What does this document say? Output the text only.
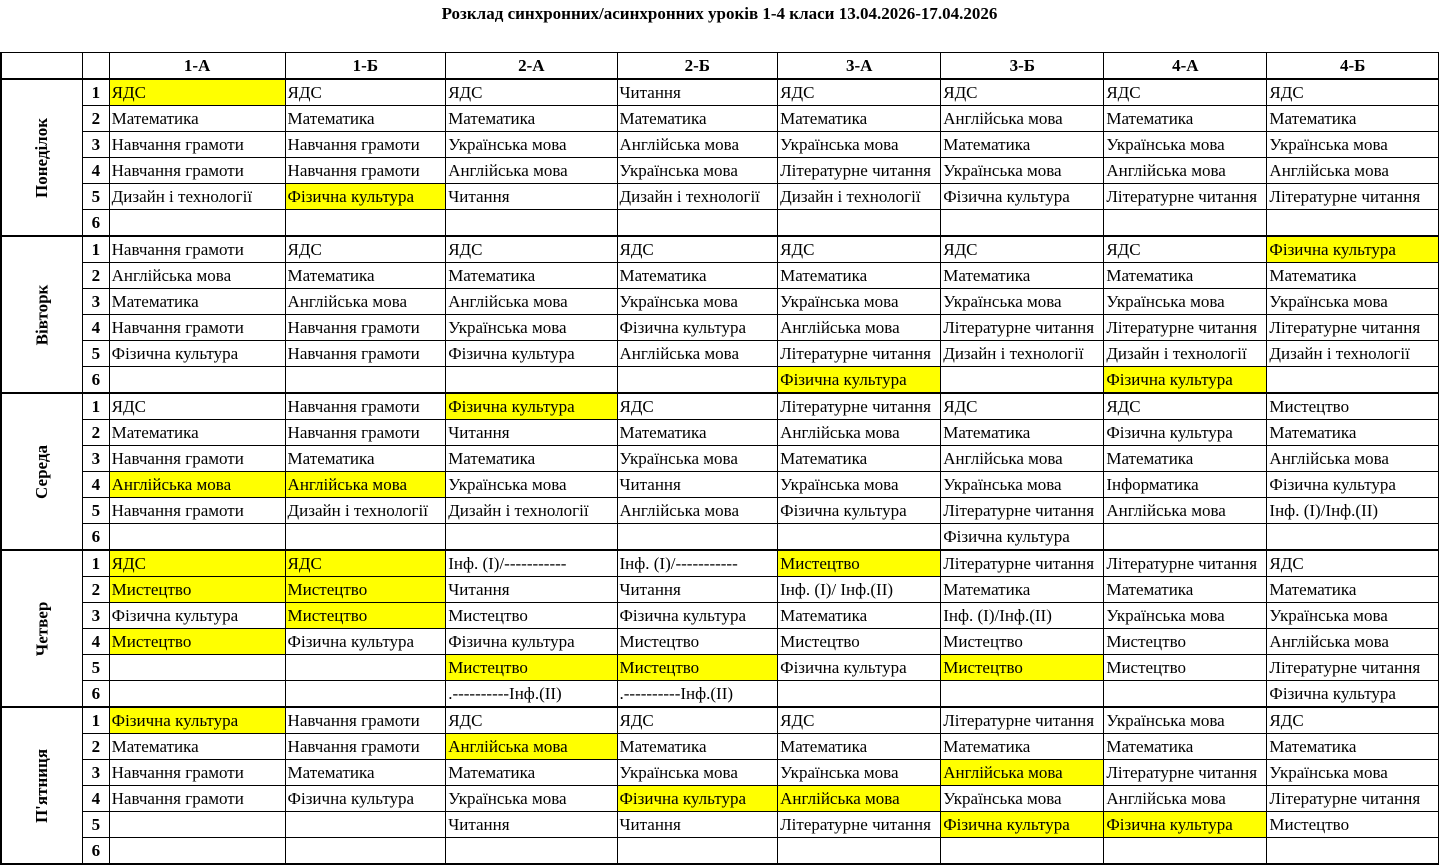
Розклад синхронних/асинхронних уроків 1-4 класи 13.04.2026-17.04.2026
		1-А	1-Б	2-А	2-Б	3-А	3-Б	4-А	4-Б
Понеділок	1	ЯДС	ЯДС	ЯДС	Читання	ЯДС	ЯДС	ЯДС	ЯДС
	2	Математика	Математика	Математика	Математика	Математика	Англійська мова	Математика	Математика
	3	Навчання грамоти	Навчання грамоти	Українська мова	Англійська мова	Українська мова	Математика	Українська мова	Українська мова
	4	Навчання грамоти	Навчання грамоти	Англійська мова	Українська мова	Літературне читання	Українська мова	Англійська мова	Англійська мова
	5	Дизайн і технології	Фізична культура	Читання	Дизайн і технології	Дизайн і технології	Фізична культура	Літературне читання	Літературне читання
	6								
Вівторк	1	Навчання грамоти	ЯДС	ЯДС	ЯДС	ЯДС	ЯДС	ЯДС	Фізична культура
	2	Англійська мова	Математика	Математика	Математика	Математика	Математика	Математика	Математика
	3	Математика	Англійська мова	Англійська мова	Українська мова	Українська мова	Українська мова	Українська мова	Українська мова
	4	Навчання грамоти	Навчання грамоти	Українська мова	Фізична культура	Англійська мова	Літературне читання	Літературне читання	Літературне читання
	5	Фізична культура	Навчання грамоти	Фізична культура	Англійська мова	Літературне читання	Дизайн і технології	Дизайн і технології	Дизайн і технології
	6					Фізична культура		Фізична культура	
Середа	1	ЯДС	Навчання грамоти	Фізична культура	ЯДС	Літературне читання	ЯДС	ЯДС	Мистецтво
	2	Математика	Навчання грамоти	Читання	Математика	Англійська мова	Математика	Фізична культура	Математика
	3	Навчання грамоти	Математика	Математика	Українська мова	Математика	Англійська мова	Математика	Англійська мова
	4	Англійська мова	Англійська мова	Українська мова	Читання	Українська мова	Українська мова	Інформатика	Фізична культура
	5	Навчання грамоти	Дизайн і технології	Дизайн і технології	Англійська мова	Фізична культура	Літературне читання	Англійська мова	Інф. (І)/Інф.(ІІ)
	6						Фізична культура		
Четвер	1	ЯДС	ЯДС	Інф. (І)/-----------	Інф. (І)/-----------	Мистецтво	Літературне читання	Літературне читання	ЯДС
	2	Мистецтво	Мистецтво	Читання	Читання	Інф. (І)/ Інф.(ІІ)	Математика	Математика	Математика
	3	Фізична культура	Мистецтво	Мистецтво	Фізична культура	Математика	Інф. (І)/Інф.(ІІ)	Українська мова	Українська мова
	4	Мистецтво	Фізична культура	Фізична культура	Мистецтво	Мистецтво	Мистецтво	Мистецтво	Англійська мова
	5			Мистецтво	Мистецтво	Фізична культура	Мистецтво	Мистецтво	Літературне читання
	6			.----------Інф.(ІІ)	.----------Інф.(ІІ)				Фізична культура
П'ятниця	1	Фізична культура	Навчання грамоти	ЯДС	ЯДС	ЯДС	Літературне читання	Українська мова	ЯДС
	2	Математика	Навчання грамоти	Англійська мова	Математика	Математика	Математика	Математика	Математика
	3	Навчання грамоти	Математика	Математика	Українська мова	Українська мова	Англійська мова	Літературне читання	Українська мова
	4	Навчання грамоти	Фізична культура	Українська мова	Фізична культура	Англійська мова	Українська мова	Англійська мова	Літературне читання
	5			Читання	Читання	Літературне читання	Фізична культура	Фізична культура	Мистецтво
	6								
